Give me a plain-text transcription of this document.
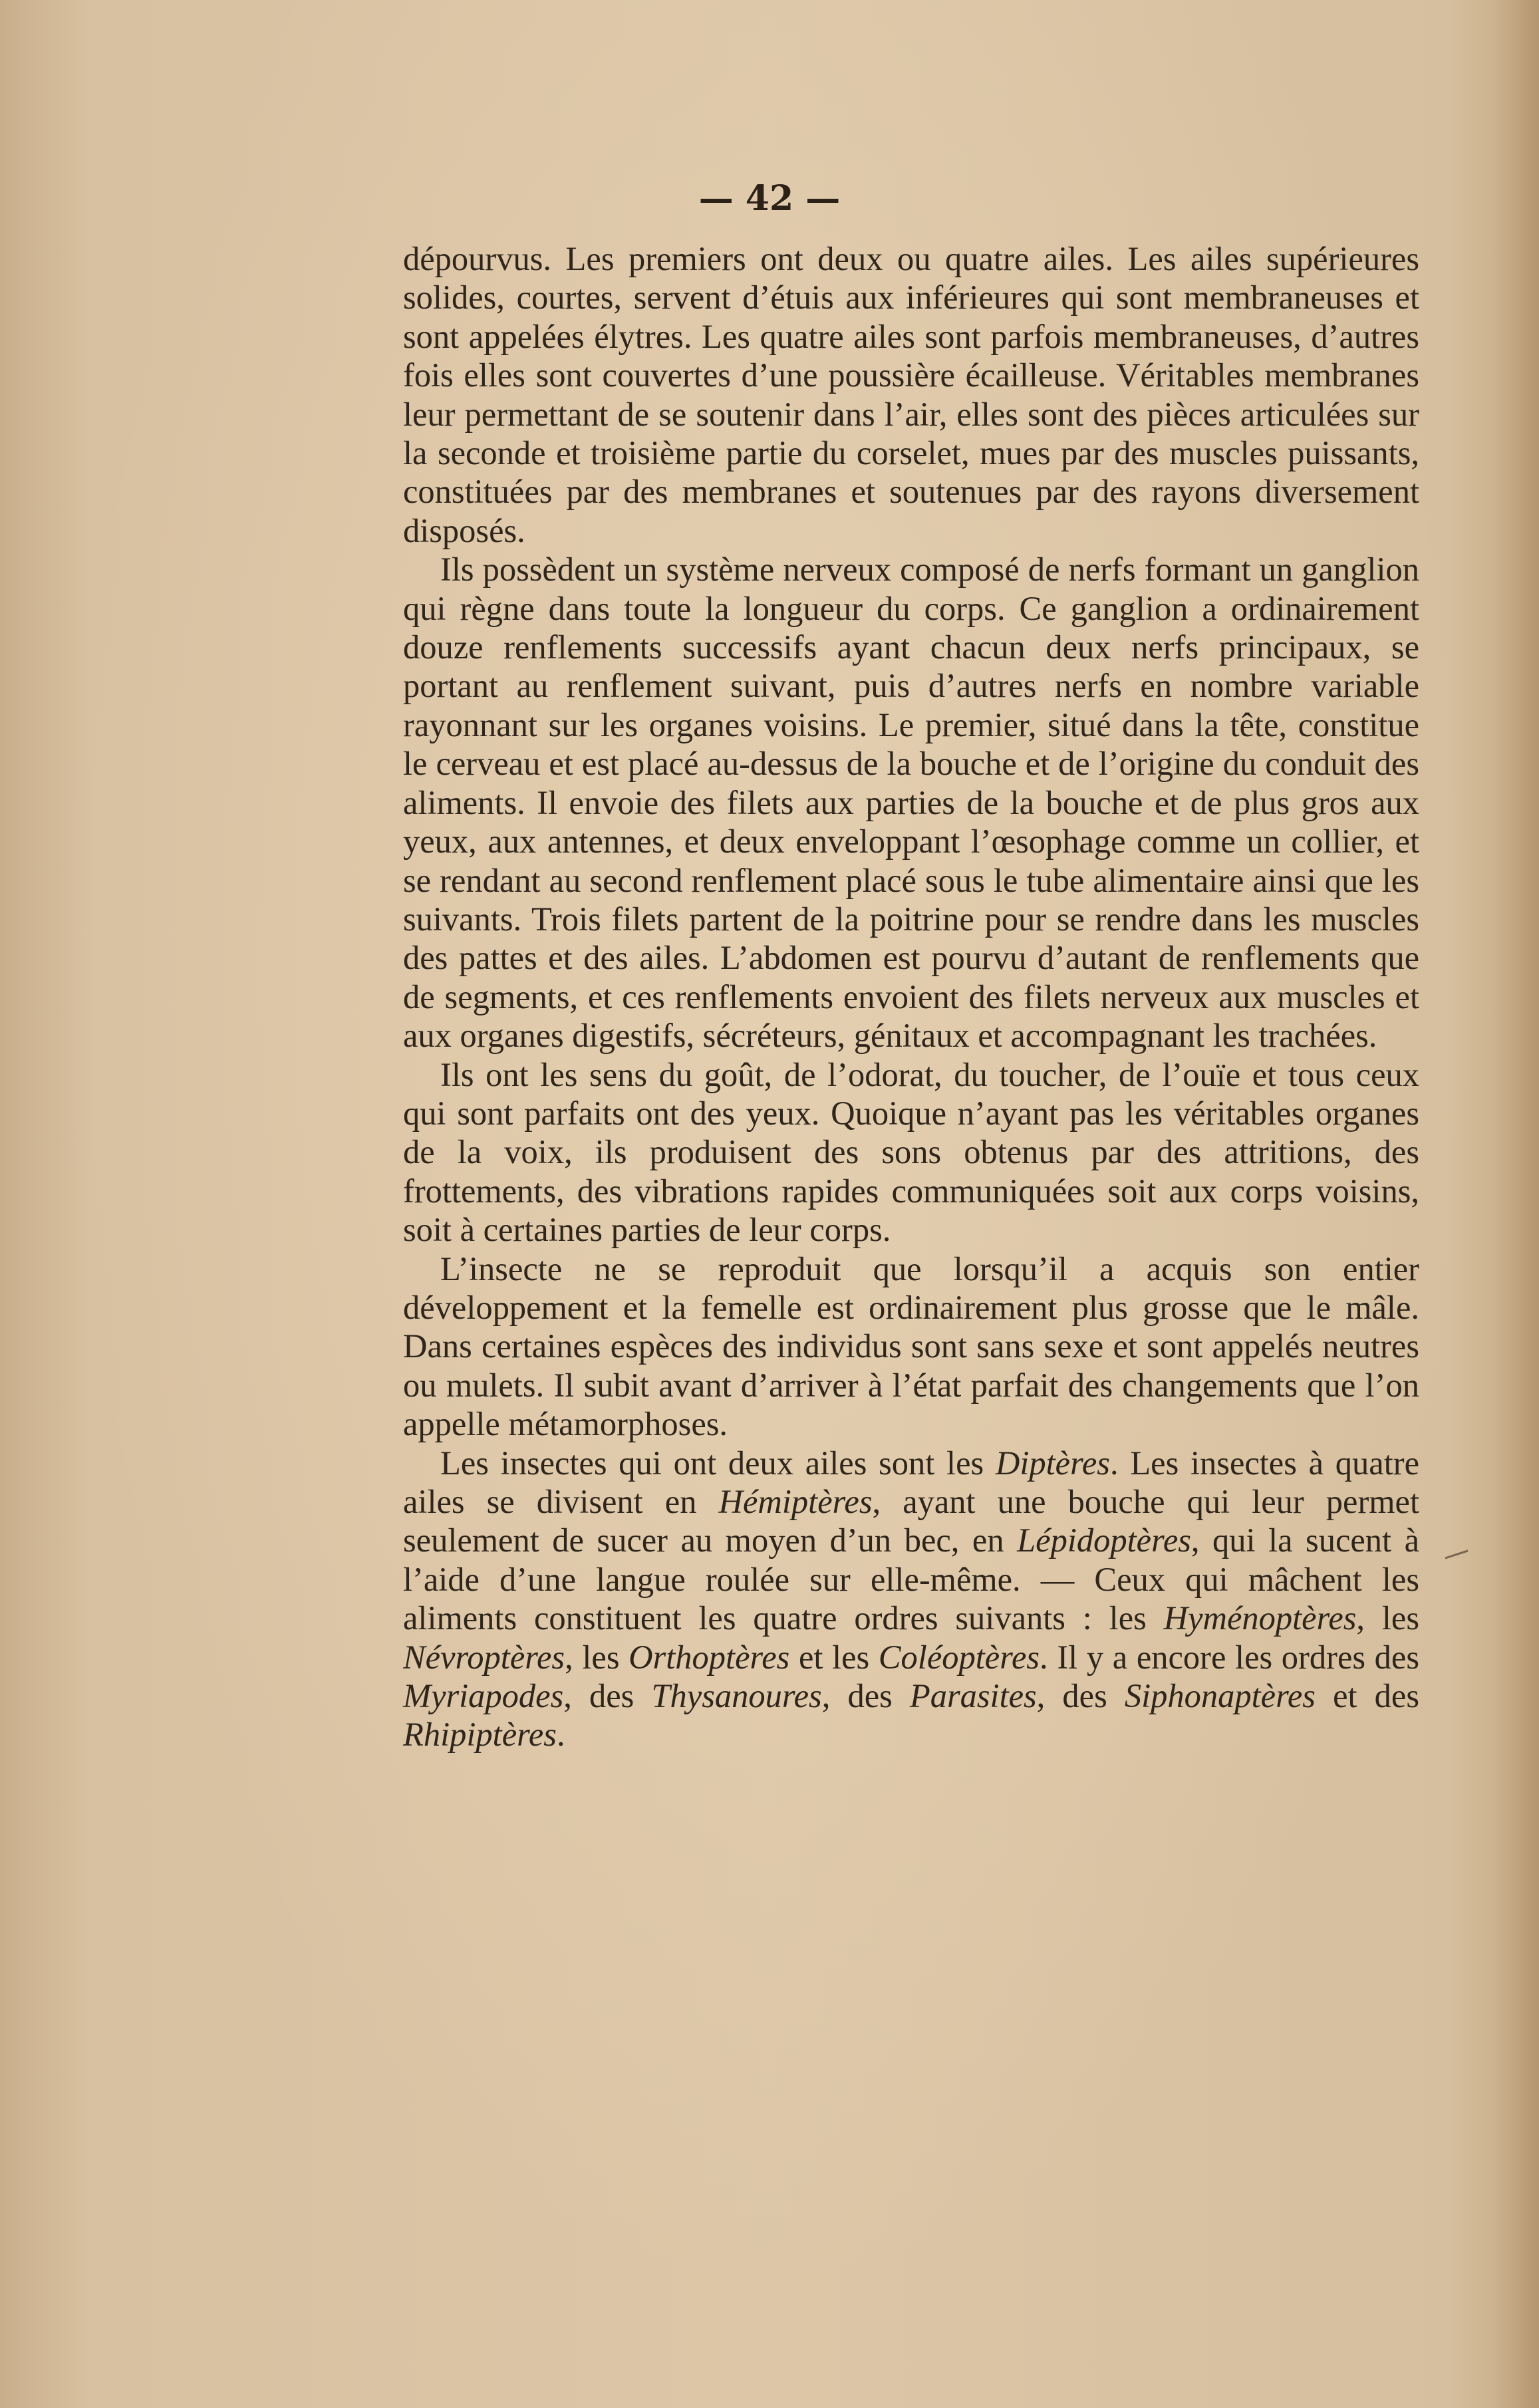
— 42 —

dépourvus. Les premiers ont deux ou quatre ailes. Les ailes supérieures solides, courtes, servent d’étuis aux inférieures qui sont membraneuses et sont appelées élytres. Les quatre ailes sont parfois membraneuses, d’autres fois elles sont couvertes d’une poussière écailleuse. Véritables membranes leur permettant de se soutenir dans l’air, elles sont des pièces articulées sur la seconde et troisième partie du corselet, mues par des muscles puissants, constituées par des membranes et soutenues par des rayons diversement disposés.

Ils possèdent un système nerveux composé de nerfs formant un ganglion qui règne dans toute la longueur du corps. Ce ganglion a ordinairement douze renflements successifs ayant chacun deux nerfs principaux, se portant au renflement suivant, puis d’autres nerfs en nombre variable rayonnant sur les organes voisins. Le premier, situé dans la tête, constitue le cerveau et est placé au-dessus de la bouche et de l’origine du conduit des aliments. Il envoie des filets aux parties de la bouche et de plus gros aux yeux, aux antennes, et deux enveloppant l’œsophage comme un collier, et se rendant au second renflement placé sous le tube alimentaire ainsi que les suivants. Trois filets partent de la poitrine pour se rendre dans les muscles des pattes et des ailes. L’abdomen est pourvu d’autant de renflements que de segments, et ces renflements envoient des filets nerveux aux muscles et aux organes digestifs, sécréteurs, génitaux et accompagnant les trachées.

Ils ont les sens du goût, de l’odorat, du toucher, de l’ouïe et tous ceux qui sont parfaits ont des yeux. Quoique n’ayant pas les véritables organes de la voix, ils produisent des sons obtenus par des attritions, des frottements, des vibrations rapides communiquées soit aux corps voisins, soit à certaines parties de leur corps.

L’insecte ne se reproduit que lorsqu’il a acquis son entier développement et la femelle est ordinairement plus grosse que le mâle. Dans certaines espèces des individus sont sans sexe et sont appelés neutres ou mulets. Il subit avant d’arriver à l’état parfait des changements que l’on appelle métamorphoses.

Les insectes qui ont deux ailes sont les Diptères. Les insectes à quatre ailes se divisent en Hémiptères, ayant une bouche qui leur permet seulement de sucer au moyen d’un bec, en Lépidoptères, qui la sucent à l’aide d’une langue roulée sur elle-même. — Ceux qui mâchent les aliments constituent les quatre ordres suivants : les Hyménoptères, les Névroptères, les Orthoptères et les Coléoptères. Il y a encore les ordres des Myriapodes, des Thysanoures, des Parasites, des Siphonaptères et des Rhipiptères.
